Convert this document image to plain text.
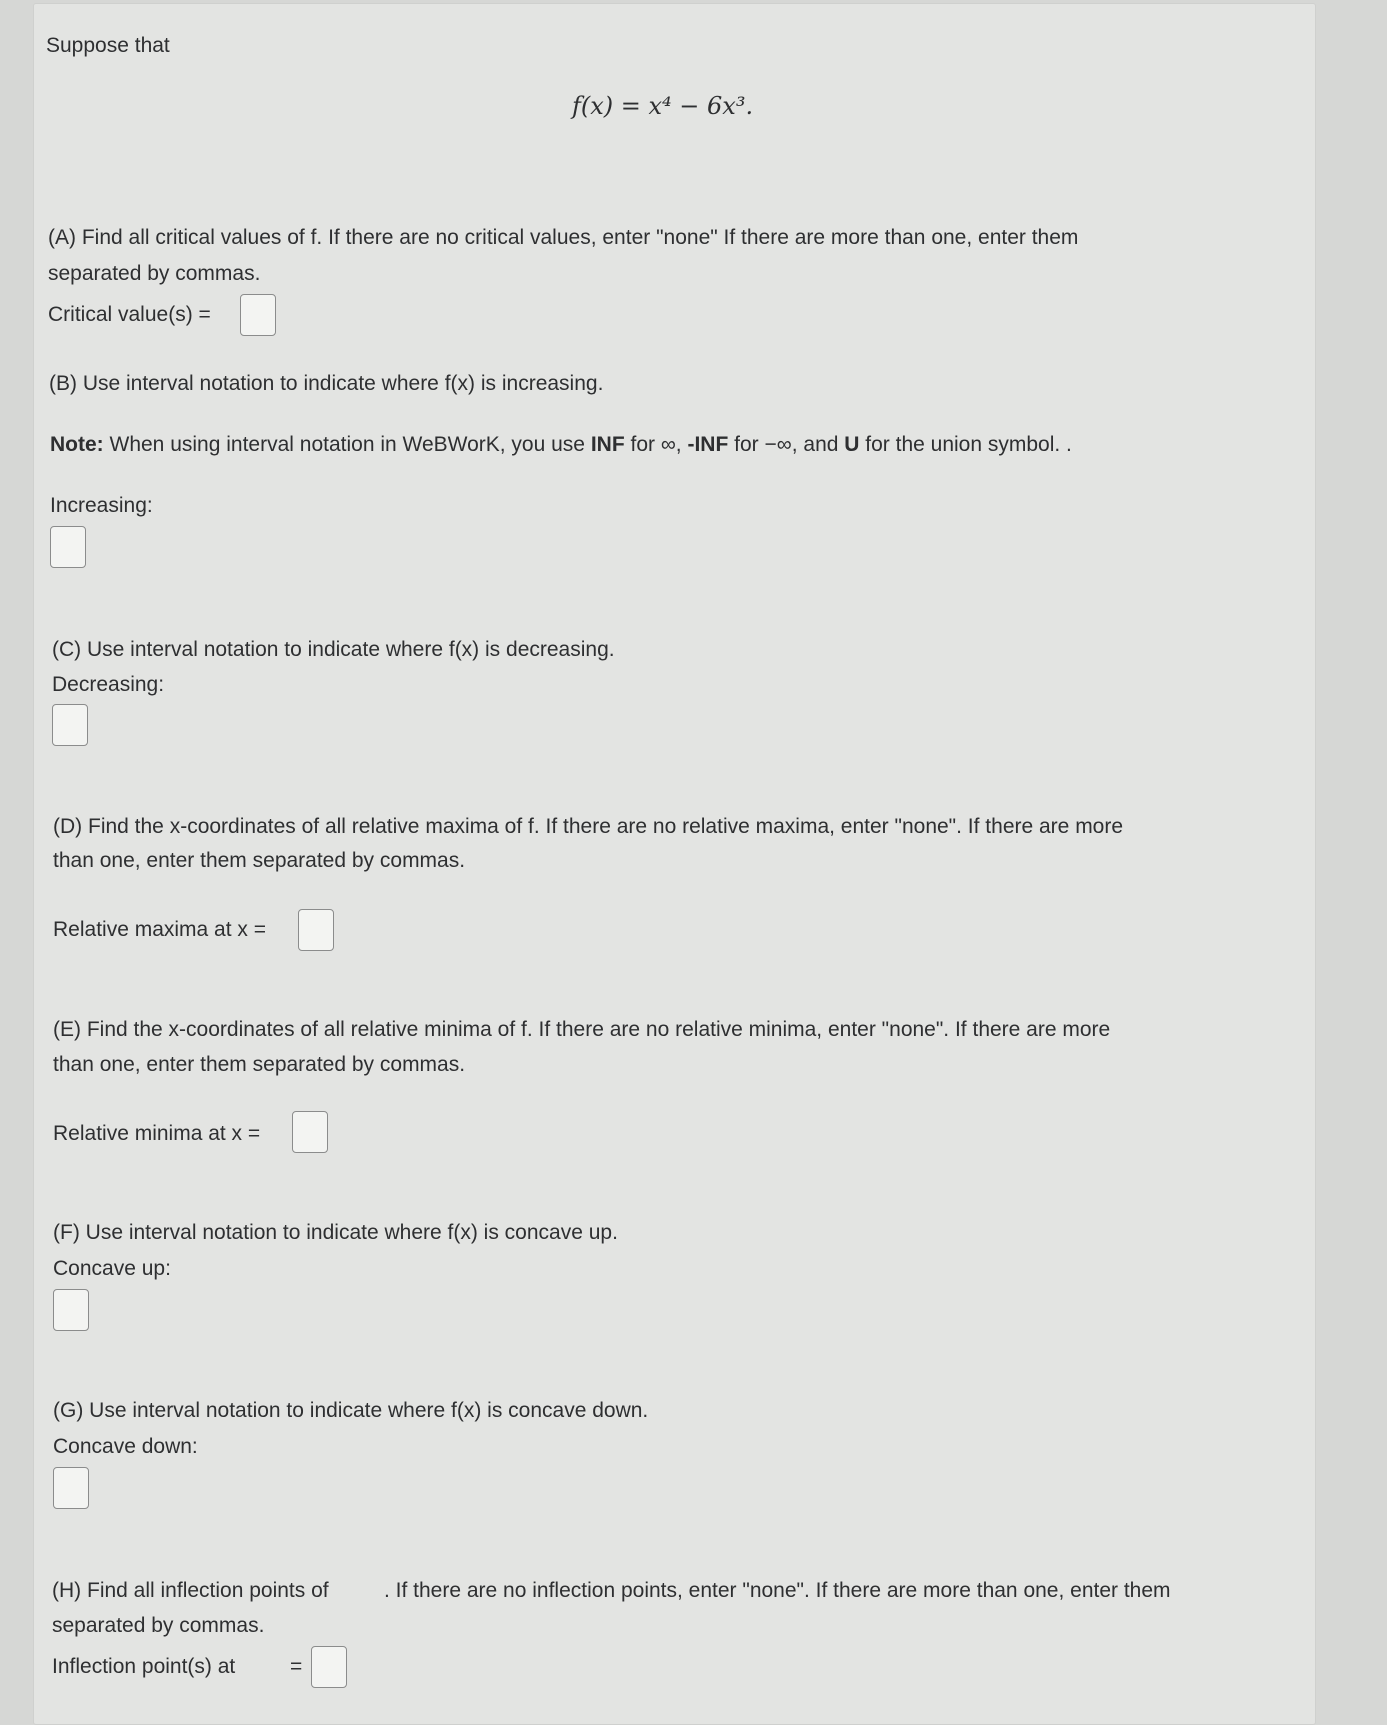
Suppose that
f(x) = x⁴ − 6x³.
(A) Find all critical values of f. If there are no critical values, enter "none" If there are more than one, enter them
separated by commas.
Critical value(s) =
(B) Use interval notation to indicate where f(x) is increasing.
Note: When using interval notation in WeBWorK, you use INF for ∞, -INF for −∞, and U for the union symbol. .
Increasing:
(C) Use interval notation to indicate where f(x) is decreasing.
Decreasing:
(D) Find the x-coordinates of all relative maxima of f. If there are no relative maxima, enter "none". If there are more
than one, enter them separated by commas.
Relative maxima at x =
(E) Find the x-coordinates of all relative minima of f. If there are no relative minima, enter "none". If there are more
than one, enter them separated by commas.
Relative minima at x =
(F) Use interval notation to indicate where f(x) is concave up.
Concave up:
(G) Use interval notation to indicate where f(x) is concave down.
Concave down:
(H) Find all inflection points of	. If there are no inflection points, enter "none". If there are more than one, enter them
separated by commas.
Inflection point(s) at	=
